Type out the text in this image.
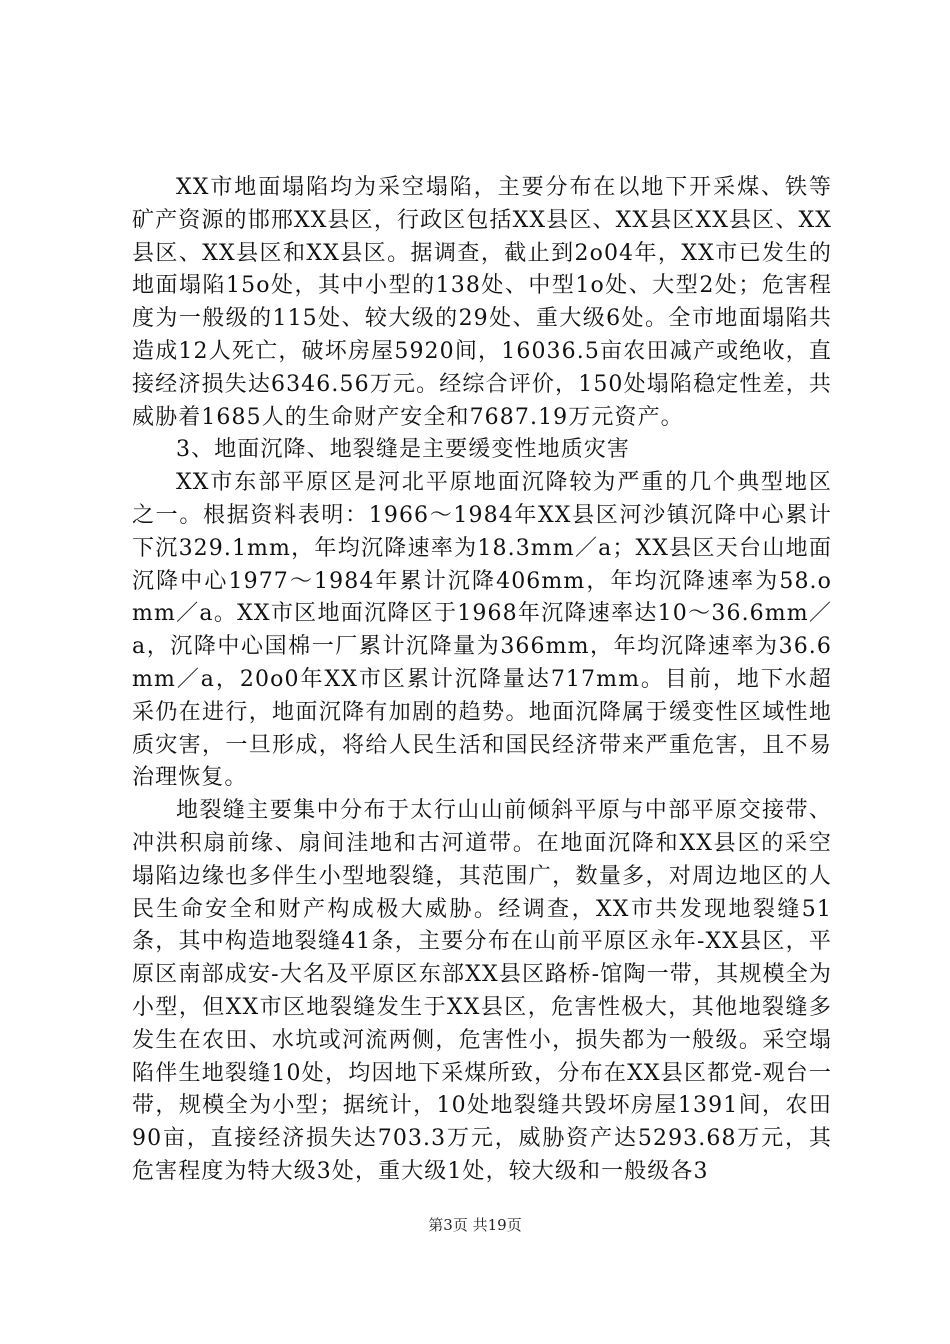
XX市地面塌陷均为采空塌陷，主要分布在以地下开采煤、铁等矿产资源的邯邢XX县区，行政区包括XX县区、XX县区XX县区、XX县区、XX县区和XX县区。据调查，截止到2o04年，XX市已发生的地面塌陷15o处，其中小型的138处、中型1o处、大型2处；危害程度为一般级的115处、较大级的29处、重大级6处。全市地面塌陷共造成12人死亡，破坏房屋5920间，16036.5亩农田减产或绝收，直接经济损失达6346.56万元。经综合评价，150处塌陷稳定性差，共威胁着1685人的生命财产安全和7687.19万元资产。

3、地面沉降、地裂缝是主要缓变性地质灾害

XX市东部平原区是河北平原地面沉降较为严重的几个典型地区之一。根据资料表明：1966～1984年XX县区河沙镇沉降中心累计下沉329.1mm，年均沉降速率为18.3mm／a；XX县区天台山地面沉降中心1977～1984年累计沉降406mm，年均沉降速率为58.omm／a。XX市区地面沉降区于1968年沉降速率达10～36.6mm／a，沉降中心国棉一厂累计沉降量为366mm，年均沉降速率为36.6mm／a，20o0年XX市区累计沉降量达717mm。目前，地下水超采仍在进行，地面沉降有加剧的趋势。地面沉降属于缓变性区域性地质灾害，一旦形成，将给人民生活和国民经济带来严重危害，且不易治理恢复。

地裂缝主要集中分布于太行山山前倾斜平原与中部平原交接带、冲洪积扇前缘、扇间洼地和古河道带。在地面沉降和XX县区的采空塌陷边缘也多伴生小型地裂缝，其范围广，数量多，对周边地区的人民生命安全和财产构成极大威胁。经调查，XX市共发现地裂缝51条，其中构造地裂缝41条，主要分布在山前平原区永年-XX县区，平原区南部成安-大名及平原区东部XX县区路桥-馆陶一带，其规模全为小型，但XX市区地裂缝发生于XX县区，危害性极大，其他地裂缝多发生在农田、水坑或河流两侧，危害性小，损失都为一般级。采空塌陷伴生地裂缝10处，均因地下采煤所致，分布在XX县区都党-观台一带，规模全为小型；据统计，10处地裂缝共毁坏房屋1391间，农田90亩，直接经济损失达703.3万元，威胁资产达5293.68万元，其危害程度为特大级3处，重大级1处，较大级和一般级各3

第3页 共19页
